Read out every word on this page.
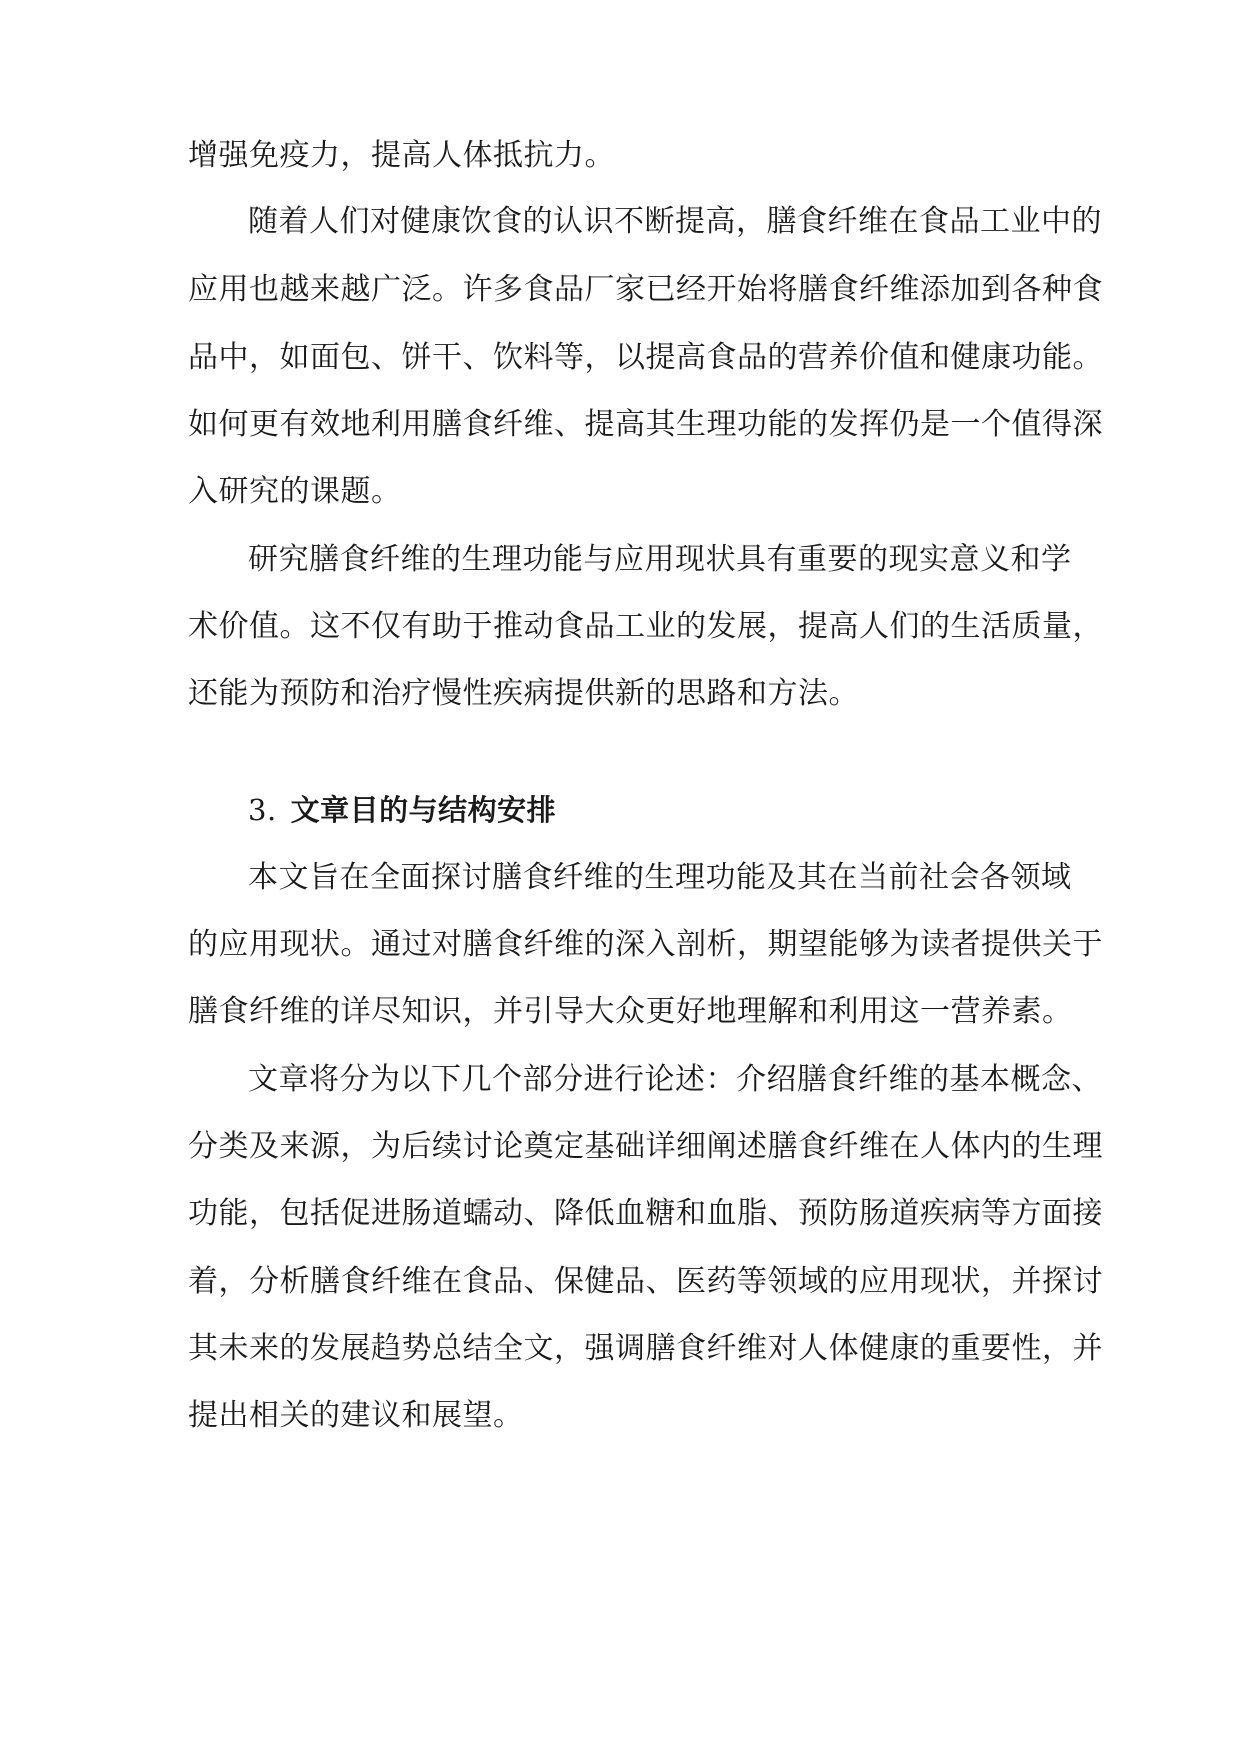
增强免疫力，提高人体抵抗力。
随着人们对健康饮食的认识不断提高，膳食纤维在食品工业中的
应用也越来越广泛。许多食品厂家已经开始将膳食纤维添加到各种食
品中，如面包、饼干、饮料等，以提高食品的营养价值和健康功能。
如何更有效地利用膳食纤维、提高其生理功能的发挥仍是一个值得深
入研究的课题。
研究膳食纤维的生理功能与应用现状具有重要的现实意义和学
术价值。这不仅有助于推动食品工业的发展，提高人们的生活质量，
还能为预防和治疗慢性疾病提供新的思路和方法。
3. 文章目的与结构安排
本文旨在全面探讨膳食纤维的生理功能及其在当前社会各领域
的应用现状。通过对膳食纤维的深入剖析，期望能够为读者提供关于
膳食纤维的详尽知识，并引导大众更好地理解和利用这一营养素。
文章将分为以下几个部分进行论述：介绍膳食纤维的基本概念、
分类及来源，为后续讨论奠定基础详细阐述膳食纤维在人体内的生理
功能，包括促进肠道蠕动、降低血糖和血脂、预防肠道疾病等方面接
着，分析膳食纤维在食品、保健品、医药等领域的应用现状，并探讨
其未来的发展趋势总结全文，强调膳食纤维对人体健康的重要性，并
提出相关的建议和展望。
